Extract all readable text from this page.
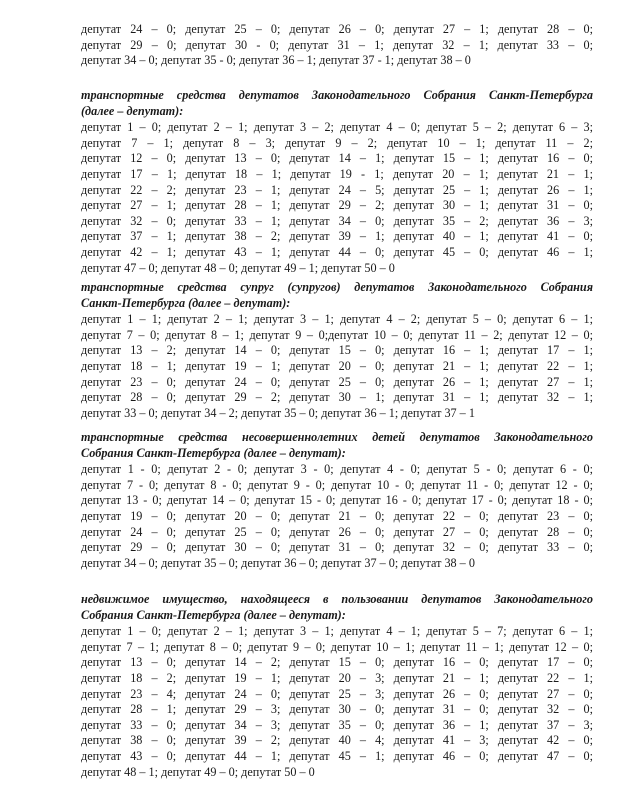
депутат 24 – 0; депутат 25 – 0; депутат 26 – 0; депутат 27 – 1; депутат 28 – 0;
депутат 29 – 0; депутат 30 - 0; депутат 31 – 1; депутат 32 – 1; депутат 33 – 0;
депутат 34 – 0; депутат 35 - 0; депутат 36 – 1; депутат 37 - 1; депутат 38 – 0
транспортные средства депутатов Законодательного Собрания Санкт-Петербурга
(далее – депутат):
депутат 1 – 0; депутат 2 – 1; депутат 3 – 2; депутат 4 – 0; депутат 5 – 2; депутат 6 – 3;
депутат 7 – 1; депутат 8 – 3; депутат 9 – 2; депутат 10 – 1; депутат 11 – 2;
депутат 12 – 0; депутат 13 – 0; депутат 14 – 1; депутат 15 – 1; депутат 16 – 0;
депутат 17 – 1; депутат 18 – 1; депутат 19 - 1; депутат 20 – 1; депутат 21 – 1;
депутат 22 – 2; депутат 23 – 1; депутат 24 – 5; депутат 25 – 1; депутат 26 – 1;
депутат 27 – 1; депутат 28 – 1; депутат 29 – 2; депутат 30 – 1; депутат 31 – 0;
депутат 32 – 0; депутат 33 – 1; депутат 34 – 0; депутат 35 – 2; депутат 36 – 3;
депутат 37 – 1; депутат 38 – 2; депутат 39 – 1; депутат 40 – 1; депутат 41 – 0;
депутат 42 – 1; депутат 43 – 1; депутат 44 – 0; депутат 45 – 0; депутат 46 – 1;
депутат 47 – 0; депутат 48 – 0; депутат 49 – 1; депутат 50 – 0
транспортные средства супруг (супругов) депутатов Законодательного Собрания
Санкт-Петербурга (далее – депутат):
депутат 1 – 1; депутат 2 – 1; депутат 3 – 1; депутат 4 – 2; депутат 5 – 0; депутат 6 – 1;
депутат 7 – 0; депутат 8 – 1; депутат 9 – 0;депутат 10 – 0; депутат 11 – 2; депутат 12 – 0;
депутат 13 – 2; депутат 14 – 0; депутат 15 – 0; депутат 16 – 1; депутат 17 – 1;
депутат 18 – 1; депутат 19 – 1; депутат 20 – 0; депутат 21 – 1; депутат 22 – 1;
депутат 23 – 0; депутат 24 – 0; депутат 25 – 0; депутат 26 – 1; депутат 27 – 1;
депутат 28 – 0; депутат 29 – 2; депутат 30 – 1; депутат 31 – 1; депутат 32 – 1;
депутат 33 – 0; депутат 34 – 2; депутат 35 – 0; депутат 36 – 1; депутат 37 – 1
транспортные средства несовершеннолетних детей депутатов Законодательного
Собрания Санкт-Петербурга (далее – депутат):
депутат 1 - 0; депутат 2 - 0; депутат 3 - 0; депутат 4 - 0; депутат 5 - 0; депутат 6 - 0;
депутат 7 - 0; депутат 8 - 0; депутат 9 - 0; депутат 10 - 0; депутат 11 - 0; депутат 12 - 0;
депутат 13 - 0; депутат 14 – 0; депутат 15 - 0; депутат 16 - 0; депутат 17 - 0; депутат 18 - 0;
депутат 19 – 0; депутат 20 – 0; депутат 21 – 0; депутат 22 – 0; депутат 23 – 0;
депутат 24 – 0; депутат 25 – 0; депутат 26 – 0; депутат 27 – 0; депутат 28 – 0;
депутат 29 – 0; депутат 30 – 0; депутат 31 – 0; депутат 32 – 0; депутат 33 – 0;
депутат 34 – 0; депутат 35 – 0; депутат 36 – 0; депутат 37 – 0; депутат 38 – 0
недвижимое имущество, находящееся в пользовании депутатов Законодательного
Собрания Санкт-Петербурга (далее – депутат):
депутат 1 – 0; депутат 2 – 1; депутат 3 – 1; депутат 4 – 1; депутат 5 – 7; депутат 6 – 1;
депутат 7 – 1; депутат 8 – 0; депутат 9 – 0; депутат 10 – 1; депутат 11 – 1; депутат 12 – 0;
депутат 13 – 0; депутат 14 – 2; депутат 15 – 0; депутат 16 – 0; депутат 17 – 0;
депутат 18 – 2; депутат 19 – 1; депутат 20 – 3; депутат 21 – 1; депутат 22 – 1;
депутат 23 – 4; депутат 24 – 0; депутат 25 – 3; депутат 26 – 0; депутат 27 – 0;
депутат 28 – 1; депутат 29 – 3; депутат 30 – 0; депутат 31 – 0; депутат 32 – 0;
депутат 33 – 0; депутат 34 – 3; депутат 35 – 0; депутат 36 – 1; депутат 37 – 3;
депутат 38 – 0; депутат 39 – 2; депутат 40 – 4; депутат 41 – 3; депутат 42 – 0;
депутат 43 – 0; депутат 44 – 1; депутат 45 – 1; депутат 46 – 0; депутат 47 – 0;
депутат 48 – 1; депутат 49 – 0; депутат 50 – 0
